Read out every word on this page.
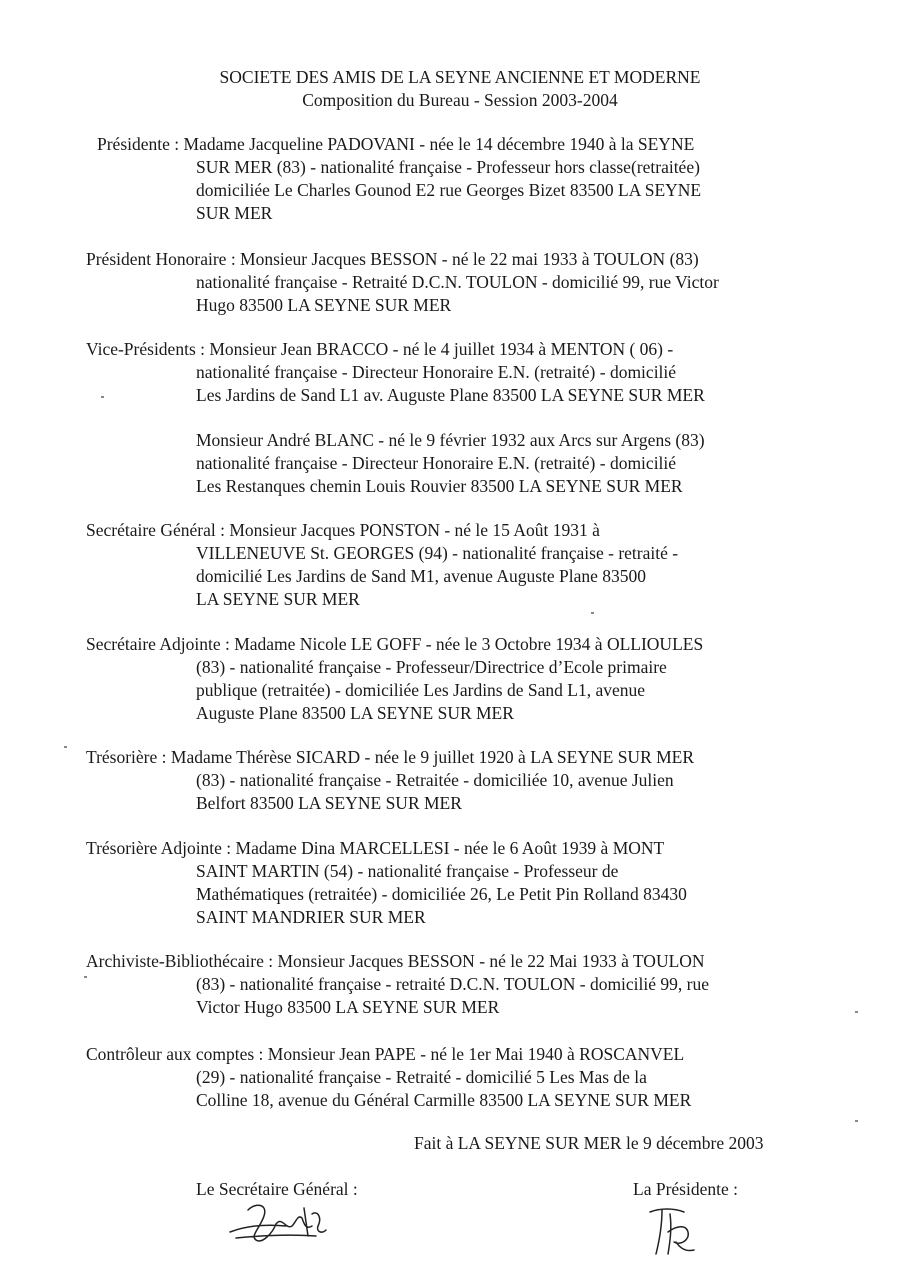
SOCIETE DES AMIS DE LA SEYNE ANCIENNE ET MODERNE
Composition du Bureau - Session 2003-2004
Présidente : Madame Jacqueline PADOVANI - née le 14 décembre 1940 à la SEYNE
SUR MER (83) - nationalité française - Professeur hors classe(retraitée)
domiciliée Le Charles Gounod E2 rue Georges Bizet 83500 LA SEYNE
SUR MER
Président Honoraire : Monsieur Jacques BESSON - né le 22 mai 1933 à TOULON (83)
nationalité française - Retraité D.C.N. TOULON - domicilié 99, rue Victor
Hugo 83500 LA SEYNE SUR MER
Vice-Présidents : Monsieur Jean BRACCO - né le 4 juillet 1934 à MENTON ( 06) -
nationalité française - Directeur Honoraire E.N. (retraité) - domicilié
Les Jardins de Sand L1 av. Auguste Plane 83500 LA SEYNE SUR MER
Monsieur André BLANC - né le 9 février 1932 aux Arcs sur Argens (83)
nationalité française - Directeur Honoraire E.N. (retraité) - domicilié
Les Restanques chemin Louis Rouvier 83500 LA SEYNE SUR MER
Secrétaire Général : Monsieur Jacques PONSTON - né le 15 Août 1931 à
VILLENEUVE St. GEORGES (94) - nationalité française - retraité -
domicilié Les Jardins de Sand M1, avenue Auguste Plane 83500
LA SEYNE SUR MER
Secrétaire Adjointe : Madame Nicole LE GOFF - née le 3 Octobre 1934 à OLLIOULES
(83) - nationalité française - Professeur/Directrice d’Ecole primaire
publique (retraitée) - domiciliée Les Jardins de Sand L1, avenue
Auguste Plane 83500 LA SEYNE SUR MER
Trésorière : Madame Thérèse SICARD - née le 9 juillet 1920 à LA SEYNE SUR MER
(83) - nationalité française - Retraitée - domiciliée 10, avenue Julien
Belfort 83500 LA SEYNE SUR MER
Trésorière Adjointe : Madame Dina MARCELLESI - née le 6 Août 1939 à MONT
SAINT MARTIN (54) - nationalité française - Professeur de
Mathématiques (retraitée) - domiciliée 26, Le Petit Pin Rolland 83430
SAINT MANDRIER SUR MER
Archiviste-Bibliothécaire : Monsieur Jacques BESSON - né le 22 Mai 1933 à TOULON
(83) - nationalité française - retraité D.C.N. TOULON - domicilié 99, rue
Victor Hugo 83500 LA SEYNE SUR MER
Contrôleur aux comptes : Monsieur Jean PAPE - né le 1er Mai 1940 à ROSCANVEL
(29) - nationalité française - Retraité - domicilié 5 Les Mas de la
Colline 18, avenue du Général Carmille 83500 LA SEYNE SUR MER
Fait à LA SEYNE SUR MER le 9 décembre 2003
Le Secrétaire Général :	La Présidente :
